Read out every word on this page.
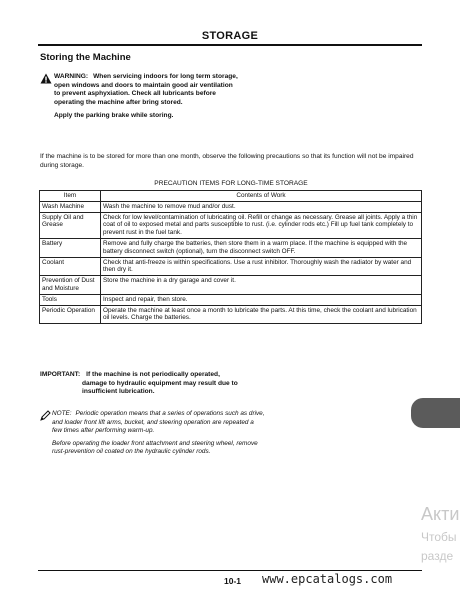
STORAGE
Storing the Machine
WARNING: When servicing indoors for long term storage, open windows and doors to maintain good air ventilation to prevent asphyxiation. Check all lubricants before operating the machine after bring stored.
Apply the parking brake while storing.
If the machine is to be stored for more than one month, observe the following precautions so that its function will not be impaired during storage.
PRECAUTION ITEMS FOR LONG-TIME STORAGE
Item	Contents of Work
Wash Machine	Wash the machine to remove mud and/or dust.
Supply Oil and Grease	Check for low level/contamination of lubricating oil. Refill or change as necessary. Grease all joints. Apply a thin coat of oil to exposed metal and parts susceptible to rust. (i.e. cylinder rods etc.) Fill up fuel tank completely to prevent rust in the fuel tank.
Battery	Remove and fully charge the batteries, then store them in a warm place. If the machine is equipped with the battery disconnect switch (optional), turn the disconnect switch OFF.
Coolant	Check that anti-freeze is within specifications. Use a rust inhibitor. Thoroughly wash the radiator by water and then dry it.
Prevention of Dust and Moisture	Store the machine in a dry garage and cover it.
Tools	Inspect and repair, then store.
Periodic Operation	Operate the machine at least once a month to lubricate the parts. At this time, check the coolant and lubrication oil levels. Charge the batteries.
IMPORTANT: If the machine is not periodically operated,
damage to hydraulic equipment may result due to insufficient lubrication.
NOTE: Periodic operation means that a series of operations such as drive, and loader front lift arms, bucket, and steering operation are repeated a few times after performing warm-up.
Before operating the loader front attachment and steering wheel, remove rust-prevention oil coated on the hydraulic cylinder rods.
Акти
Чтобы
разде
10-1 www.epcatalogs.com
